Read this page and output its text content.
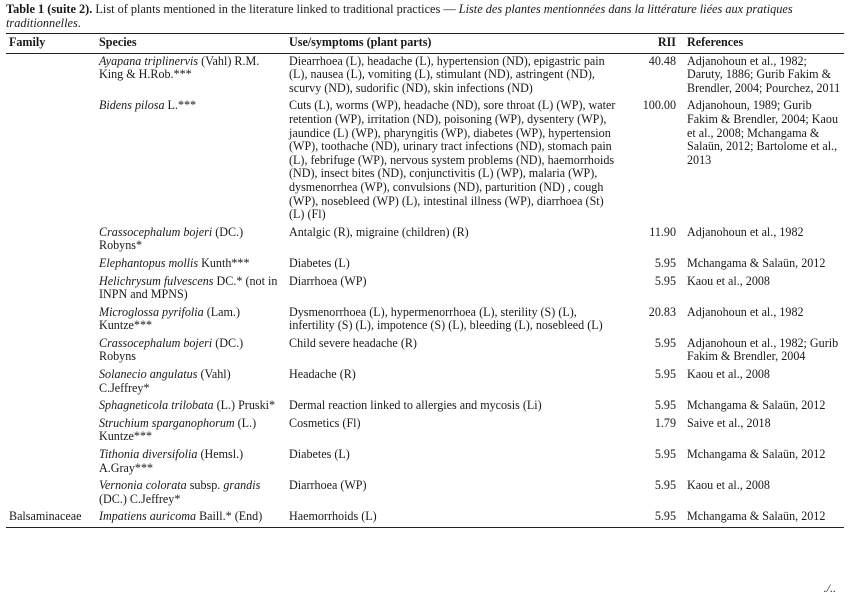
Table 1 (suite 2). List of plants mentioned in the literature linked to traditional practices — Liste des plantes mentionnées dans la littérature liées aux pratiques traditionnelles.

Family	Species	Use/symptoms (plant parts)	RII	References
	Ayapana triplinervis (Vahl) R.M. King & H.Rob.***	Diearrhoea (L), headache (L), hypertension (ND), epigastric pain (L), nausea (L), vomiting (L), stimulant (ND), astringent (ND), scurvy (ND), sudorific (ND), skin infections (ND)	40.48	Adjanohoun et al., 1982; Daruty, 1886; Gurib Fakim & Brendler, 2004; Pourchez, 2011
	Bidens pilosa L.***	Cuts (L), worms (WP), headache (ND), sore throat (L) (WP), water retention (WP), irritation (ND), poisoning (WP), dysentery (WP), jaundice (L) (WP), pharyngitis (WP), diabetes (WP), hypertension (WP), toothache (ND), urinary tract infections (ND), stomach pain (L), febrifuge (WP), nervous system problems (ND), haemorrhoids (ND), insect bites (ND), conjunctivitis (L) (WP), malaria (WP), dysmenorrhea (WP), convulsions (ND), parturition (ND) , cough (WP), nosebleed (WP) (L), intestinal illness (WP), diarrhoea (St) (L) (Fl)	100.00	Adjanohoun, 1989; Gurib Fakim & Brendler, 2004; Kaou et al., 2008; Mchangama & Salaün, 2012; Bartolome et al., 2013
	Crassocephalum bojeri (DC.) Robyns*	Antalgic (R), migraine (children) (R)	11.90	Adjanohoun et al., 1982
	Elephantopus mollis Kunth***	Diabetes (L)	5.95	Mchangama & Salaün, 2012
	Helichrysum fulvescens DC.* (not in INPN and MPNS)	Diarrhoea (WP)	5.95	Kaou et al., 2008
	Microglossa pyrifolia (Lam.) Kuntze***	Dysmenorrhoea (L), hypermenorrhoea (L), sterility (S) (L), infertility (S) (L), impotence (S) (L), bleeding (L), nosebleed (L)	20.83	Adjanohoun et al., 1982
	Crassocephalum bojeri (DC.) Robyns	Child severe headache (R)	5.95	Adjanohoun et al., 1982; Gurib Fakim & Brendler, 2004
	Solanecio angulatus (Vahl) C.Jeffrey*	Headache (R)	5.95	Kaou et al., 2008
	Sphagneticola trilobata (L.) Pruski*	Dermal reaction linked to allergies and mycosis (Li)	5.95	Mchangama & Salaün, 2012
	Struchium sparganophorum (L.) Kuntze***	Cosmetics (Fl)	1.79	Saive et al., 2018
	Tithonia diversifolia (Hemsl.) A.Gray***	Diabetes (L)	5.95	Mchangama & Salaün, 2012
	Vernonia colorata subsp. grandis (DC.) C.Jeffrey*	Diarrhoea (WP)	5.95	Kaou et al., 2008
Balsaminaceae	Impatiens auricoma Baill.* (End)	Haemorrhoids (L)	5.95	Mchangama & Salaün, 2012
./..
